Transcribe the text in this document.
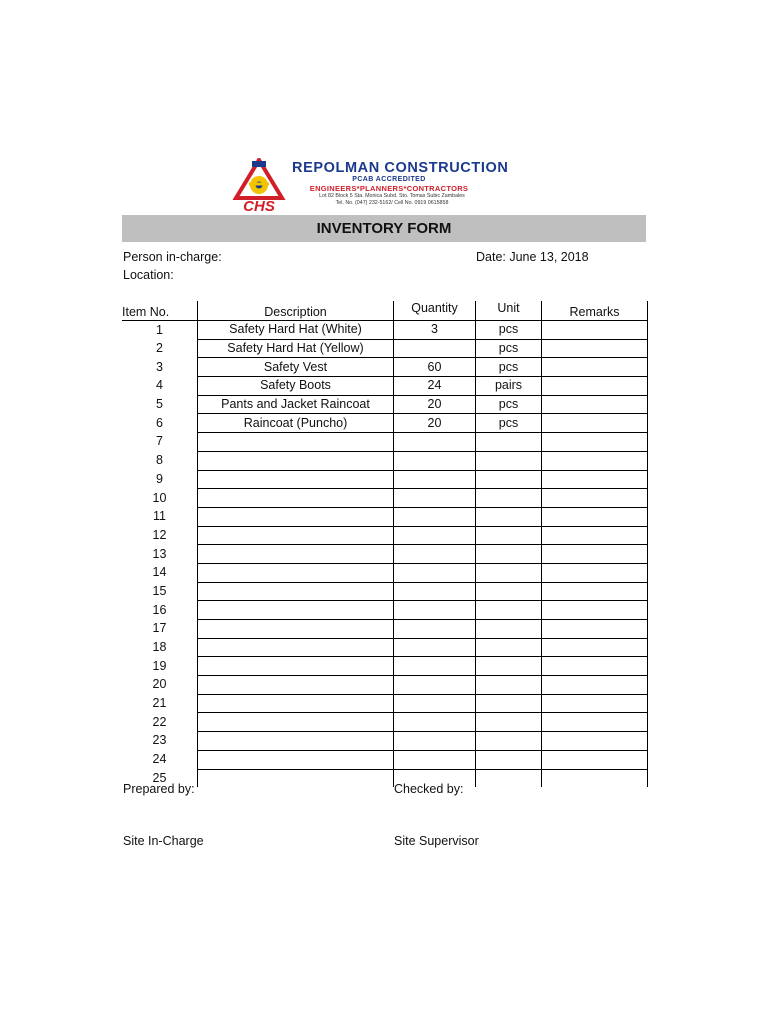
CHS
REPOLMAN CONSTRUCTION
PCAB ACCREDITED
ENGINEERS*PLANNERS*CONTRACTORS
Lot 82 Block 5 Sta. Monica Subd. Sto. Tomas Subic Zambales
Tel. No. (047) 232-5162/ Cell No. 0919 0615858
INVENTORY FORM
Person in-charge:
Location:
Date: June 13, 2018
Item No.	Description	Quantity	Unit	Remarks
1	Safety Hard Hat (White)	3	pcs	
2	Safety Hard Hat (Yellow)		pcs	
3	Safety Vest	60	pcs	
4	Safety Boots	24	pairs	
5	Pants and Jacket Raincoat	20	pcs	
6	Raincoat (Puncho)	20	pcs	
7				
8				
9				
10				
11				
12				
13				
14				
15				
16				
17				
18				
19				
20				
21				
22				
23				
24				
25				
Prepared by:	Checked by:
Site In-Charge	Site Supervisor
